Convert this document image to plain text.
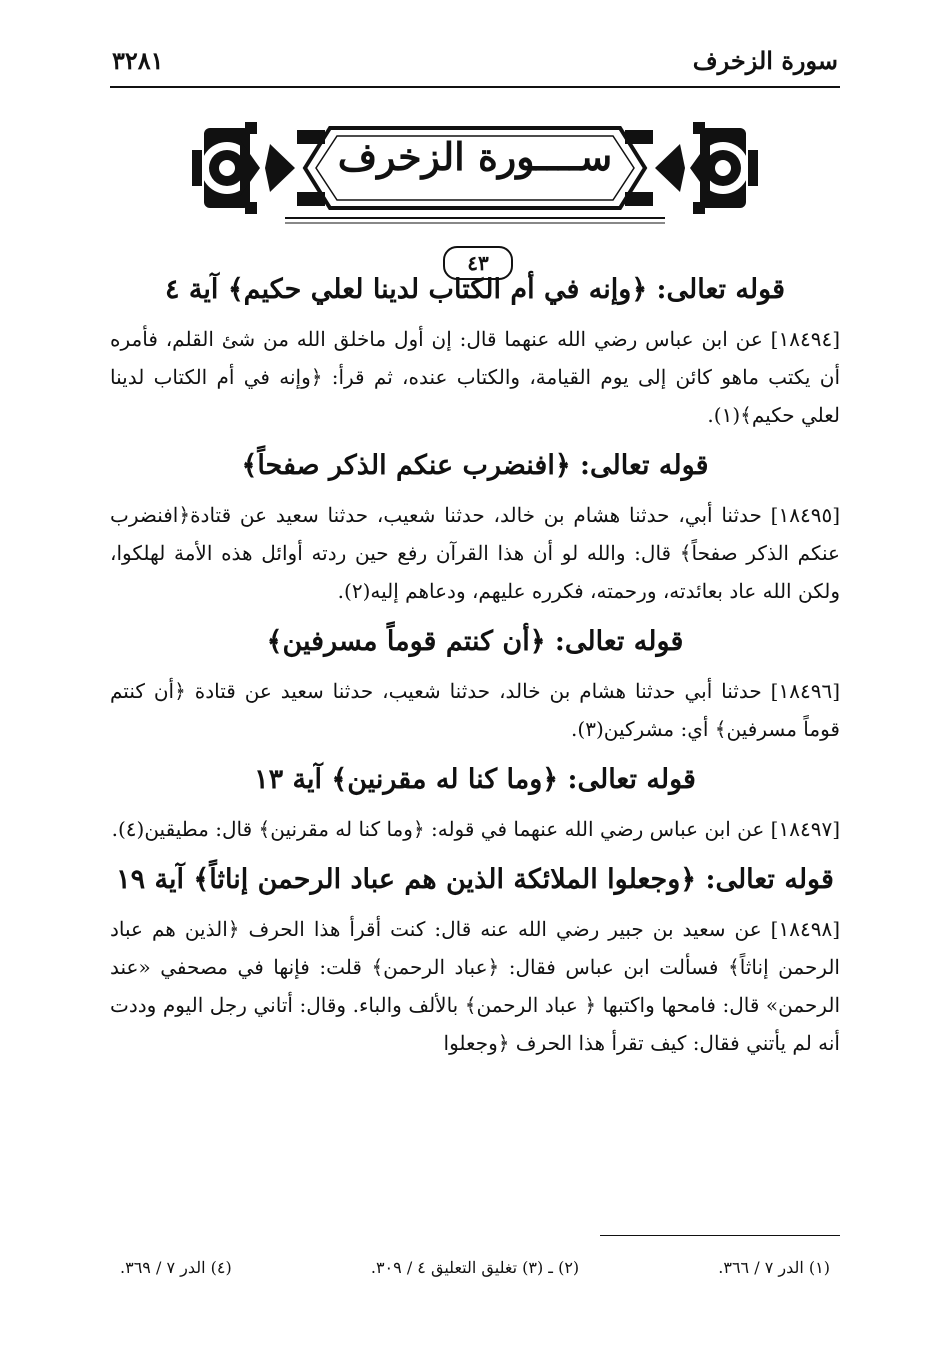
سورة الزخرف
٣٢٨١
ســــورة الزخرف
٤٣
قوله تعالى: ﴿وإنه في أم الكتاب لدينا لعلي حكيم﴾ آية ٤
[١٨٤٩٤] عن ابن عباس رضي الله عنهما قال: إن أول ماخلق الله من شئ القلم، فأمره أن يكتب ماهو كائن إلى يوم القيامة، والكتاب عنده، ثم قرأ: ﴿وإنه في أم الكتاب لدينا لعلي حكيم﴾(١).
قوله تعالى: ﴿افنضرب عنكم الذكر صفحاً﴾
[١٨٤٩٥] حدثنا أبي، حدثنا هشام بن خالد، حدثنا شعيب، حدثنا سعيد عن قتادة﴿افنضرب عنكم الذكر صفحاً﴾ قال: والله لو أن هذا القرآن رفع حين ردته أوائل هذه الأمة لهلكوا، ولكن الله عاد بعائدته، ورحمته، فكرره عليهم، ودعاهم إليه(٢).
قوله تعالى: ﴿أن كنتم قوماً مسرفين﴾
[١٨٤٩٦] حدثنا أبي حدثنا هشام بن خالد، حدثنا شعيب، حدثنا سعيد عن قتادة ﴿أن كنتم قوماً مسرفين﴾ أي: مشركين(٣).
قوله تعالى: ﴿وما كنا له مقرنين﴾ آية ١٣
[١٨٤٩٧] عن ابن عباس رضي الله عنهما في قوله: ﴿وما كنا له مقرنين﴾ قال: مطيقين(٤).
قوله تعالى: ﴿وجعلوا الملائكة الذين هم عباد الرحمن إناثاً﴾ آية ١٩
[١٨٤٩٨] عن سعيد بن جبير رضي الله عنه قال: كنت أقرأ هذا الحرف ﴿الذين هم عباد الرحمن إناثاً﴾ فسألت ابن عباس فقال: ﴿عباد الرحمن﴾ قلت: فإنها في مصحفي «عند الرحمن» قال: فامحها واكتبها ﴿ عباد الرحمن﴾ بالألف والباء. وقال: أتاني رجل اليوم وددت أنه لم يأتني فقال: كيف تقرأ هذا الحرف ﴿وجعلوا
(١) الدر ٧ / ٣٦٦.
(٢) ـ (٣) تغليق التعليق ٤ / ٣٠٩.
(٤) الدر ٧ / ٣٦٩.
